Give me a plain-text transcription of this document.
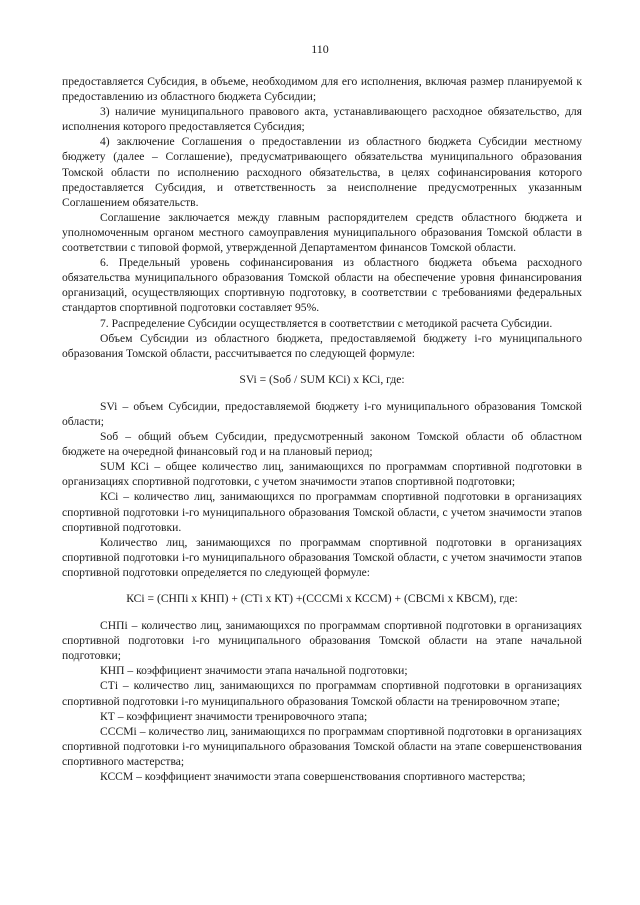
110

предоставляется Субсидия, в объеме, необходимом для его исполнения, включая размер планируемой к предоставлению из областного бюджета Субсидии;

3) наличие муниципального правового акта, устанавливающего расходное обязательство, для исполнения которого предоставляется Субсидия;

4) заключение Соглашения о предоставлении из областного бюджета Субсидии местному бюджету (далее – Соглашение), предусматривающего обязательства муниципального образования Томской области по исполнению расходного обязательства, в целях софинансирования которого предоставляется Субсидия, и ответственность за неисполнение предусмотренных указанным Соглашением обязательств.

Соглашение заключается между главным распорядителем средств областного бюджета и уполномоченным органом местного самоуправления муниципального образования Томской области в соответствии с типовой формой, утвержденной Департаментом финансов Томской области.

6. Предельный уровень софинансирования из областного бюджета объема расходного обязательства муниципального образования Томской области на обеспечение уровня финансирования организаций, осуществляющих спортивную подготовку, в соответствии с требованиями федеральных стандартов спортивной подготовки составляет 95%.

7. Распределение Субсидии осуществляется в соответствии с методикой расчета Субсидии.

Объем Субсидии из областного бюджета, предоставляемой бюджету i-го муниципального образования Томской области, рассчитывается по следующей формуле:

SVi = (Sоб / SUM КСi) x КСi, где:

SVi – объем Субсидии, предоставляемой бюджету i-го муниципального образования Томской области;

Sоб – общий объем Субсидии, предусмотренный законом Томской области об областном бюджете на очередной финансовый год и на плановый период;

SUM КСi – общее количество лиц, занимающихся по программам спортивной подготовки в организациях спортивной подготовки, с учетом значимости этапов спортивной подготовки;

КСi – количество лиц, занимающихся по программам спортивной подготовки в организациях спортивной подготовки i-го муниципального образования Томской области, с учетом значимости этапов спортивной подготовки.

Количество лиц, занимающихся по программам спортивной подготовки в организациях спортивной подготовки i-го муниципального образования Томской области, с учетом значимости этапов спортивной подготовки определяется по следующей формуле:

КСi = (СНПi x КНП) + (СТi x КТ) +(СССМi x КССМ) + (СВСМi x КВСМ), где:

СНПi – количество лиц, занимающихся по программам спортивной подготовки в организациях спортивной подготовки i-го муниципального образования Томской области на этапе начальной подготовки;

КНП – коэффициент значимости этапа начальной подготовки;

СТi – количество лиц, занимающихся по программам спортивной подготовки в организациях спортивной подготовки i-го муниципального образования Томской области на тренировочном этапе;

КТ – коэффициент значимости тренировочного этапа;

СССМi – количество лиц, занимающихся по программам спортивной подготовки в организациях спортивной подготовки i-го муниципального образования Томской области на этапе совершенствования спортивного мастерства;

КССМ – коэффициент значимости этапа совершенствования спортивного мастерства;
